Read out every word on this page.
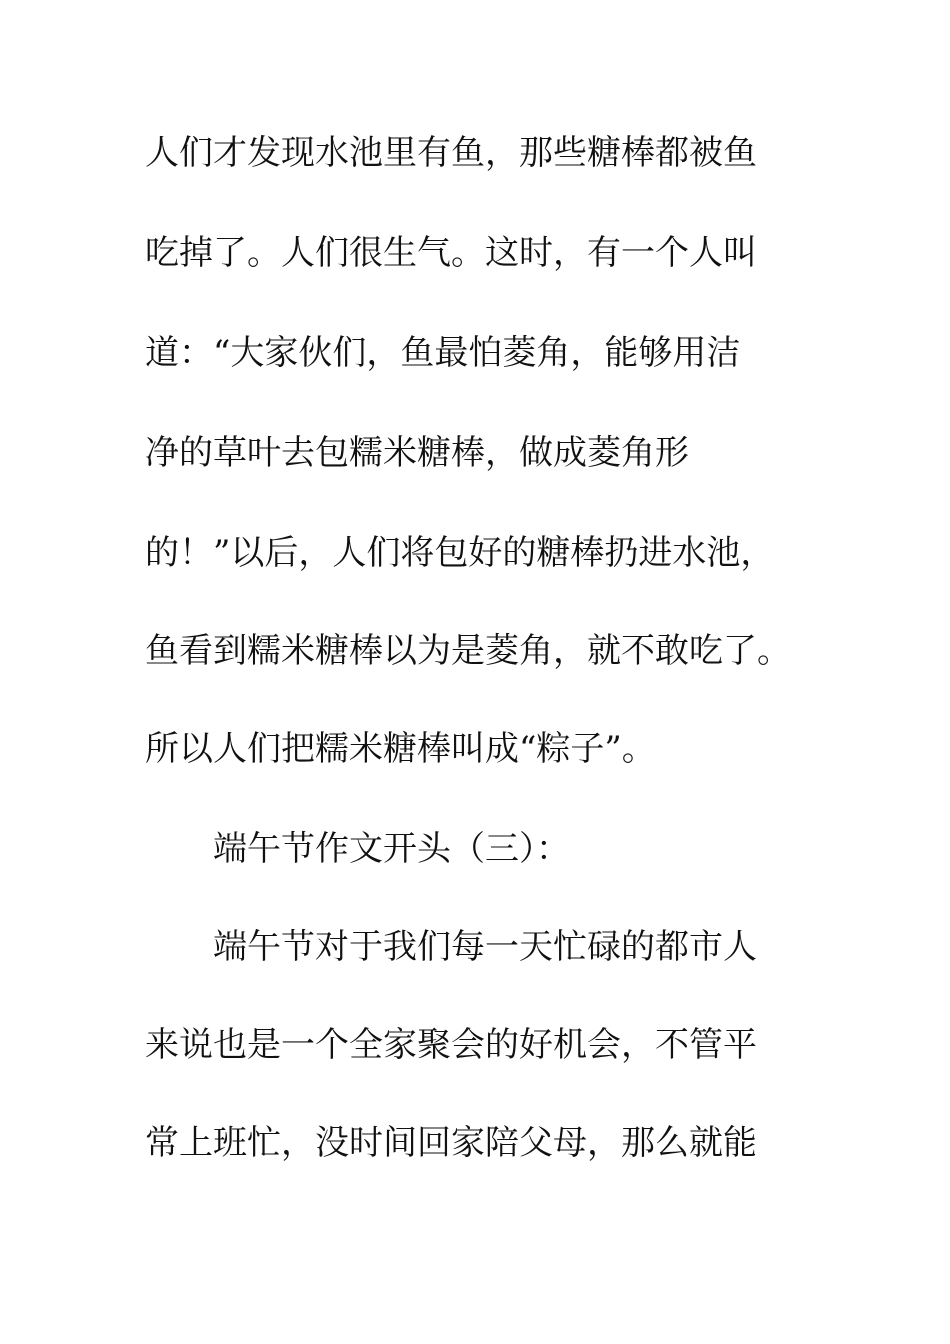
人们才发现水池里有鱼，那些糖棒都被鱼
吃掉了。人们很生气。这时，有一个人叫
道：“大家伙们，鱼最怕菱角，能够用洁
净的草叶去包糯米糖棒，做成菱角形
的！”以后，人们将包好的糖棒扔进水池，
鱼看到糯米糖棒以为是菱角，就不敢吃了。
所以人们把糯米糖棒叫成“粽子”。
端午节作文开头（三）：
端午节对于我们每一天忙碌的都市人
来说也是一个全家聚会的好机会，不管平
常上班忙，没时间回家陪父母，那么就能
